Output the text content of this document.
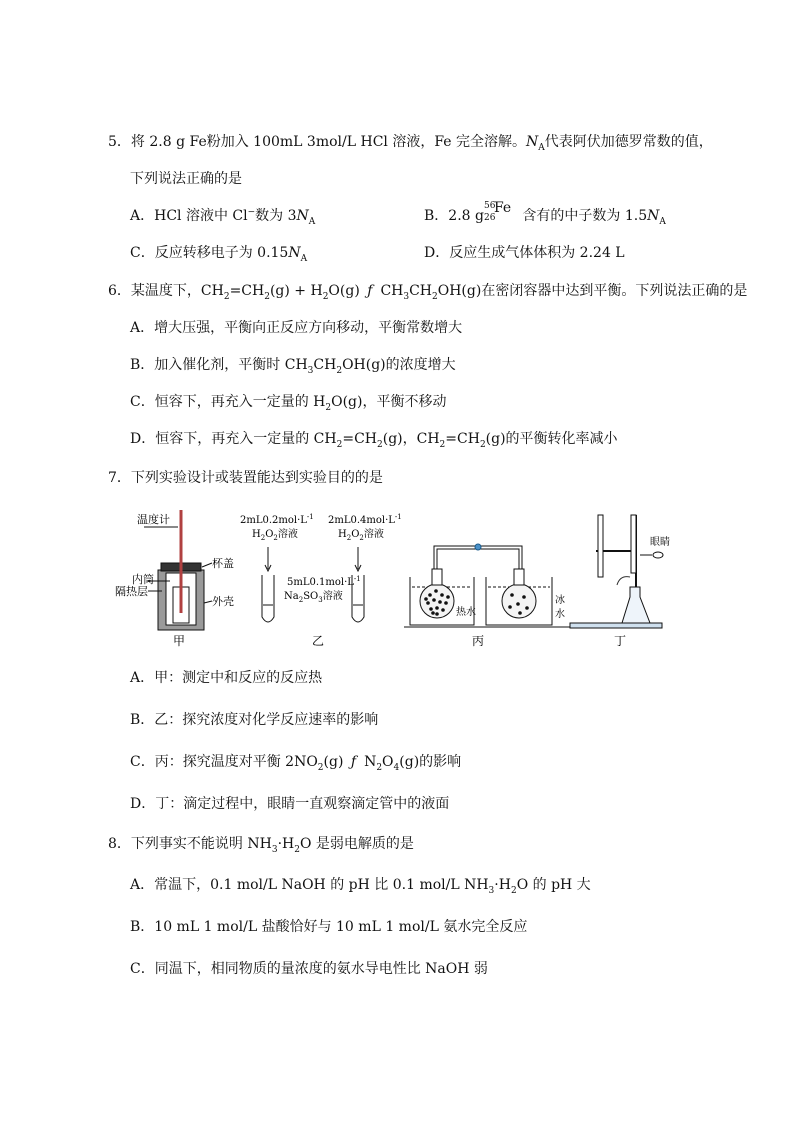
5．将 2.8 g Fe粉加入 100mL 3mol/L HCl 溶液，Fe 完全溶解。$N_A$代表阿伏加德罗常数的值，
下列说法正确的是
A．HCl 溶液中 Cl−数为 $3N_A$	B．2.8 g
56
26
Fe 含有的中子数为 $1.5N_A$
C．反应转移电子为 $0.15N_A$	D．反应生成气体体积为 2.24 L
6．某温度下，$CH_2=CH_2(g) + H_2O(g)$ ƒ $CH_3CH_2OH(g)$在密闭容器中达到平衡。下列说法正确的是
A．增大压强，平衡向正反应方向移动，平衡常数增大
B．加入催化剂，平衡时 $CH_3CH_2OH(g)$的浓度增大
C．恒容下，再充入一定量的 $H_2O(g)$，平衡不移动
D．恒容下，再充入一定量的 $CH_2=CH_2(g)$，$CH_2=CH_2(g)$的平衡转化率减小
7．下列实验设计或装置能达到实验目的的是
温度计
内筒
隔热层
杯盖
外壳
甲
$2mL0.2mol\cdot L^{-1}$
$H_2O_2$溶液
$2mL0.4mol\cdot L^{-1}$
$H_2O_2$溶液
$5mL0.1mol\cdot L^{-1}$
$Na_2SO_3$溶液
乙
热水
冰
水
丙
眼睛
丁
A．甲：测定中和反应的反应热
B．乙：探究浓度对化学反应速率的影响
C．丙：探究温度对平衡 $2NO_2(g)$ ƒ $N_2O_4(g)$的影响
D．丁：滴定过程中，眼睛一直观察滴定管中的液面
8．下列事实不能说明 $NH_3\cdot H_2O$ 是弱电解质的是
A．常温下，0.1 mol/L NaOH 的 pH 比 0.1 mol/L $NH_3\cdot H_2O$ 的 pH 大
B．10 mL 1 mol/L 盐酸恰好与 10 mL 1 mol/L 氨水完全反应
C．同温下，相同物质的量浓度的氨水导电性比 NaOH 弱
